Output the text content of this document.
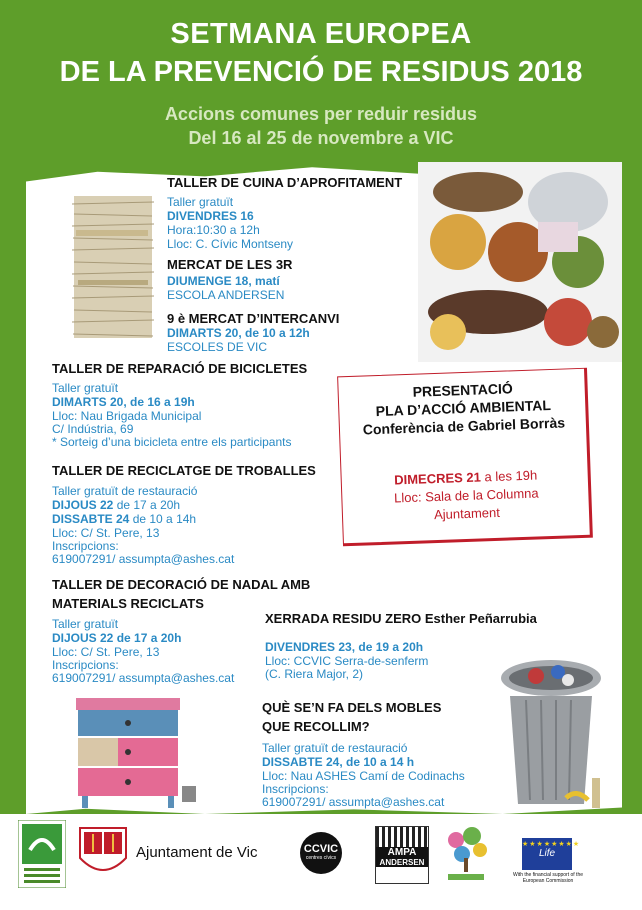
SETMANA EUROPEA
DE LA PREVENCIÓ DE RESIDUS 2018
Accions comunes per reduir residus
Del 16 al 25 de novembre a VIC
TALLER DE CUINA D’APROFITAMENT
Taller gratuït
DIVENDRES 16
Hora:10:30 a 12h
Lloc: C. Cívic Montseny
MERCAT DE LES 3R
DIUMENGE 18, matí
ESCOLA ANDERSEN
9 è MERCAT D’INTERCANVI
DIMARTS 20, de 10 a 12h
ESCOLES DE VIC
TALLER DE REPARACIÓ DE BICICLETES
Taller gratuït
DIMARTS 20, de 16 a 19h
Lloc: Nau Brigada Municipal
C/ Indústria, 69
* Sorteig d’una bicicleta entre els participants
TALLER DE RECICLATGE DE TROBALLES
Taller gratuït de restauració
DIJOUS 22 de 17 a 20h
DISSABTE 24 de 10 a 14h
Lloc: C/ St. Pere, 13
Inscripcions:
619007291/ assumpta@ashes.cat
TALLER DE DECORACIÓ DE NADAL AMB
MATERIALS RECICLATS
Taller gratuït
DIJOUS 22 de 17 a 20h
Lloc: C/ St. Pere, 13
Inscripcions:
619007291/ assumpta@ashes.cat
PRESENTACIÓ
PLA D’ACCIÓ AMBIENTAL
Conferència de Gabriel Borràs
DIMECRES 21 a les 19h
Lloc: Sala de la Columna
Ajuntament
XERRADA RESIDU ZERO Esther Peñarrubia
DIVENDRES 23, de 19 a 20h
Lloc: CCVIC Serra-de-senferm
(C. Riera Major, 2)
QUÈ SE’N FA DELS MOBLES
QUE RECOLLIM?
Taller gratuït de restauració
DISSABTE 24, de 10 a 14 h
Lloc: Nau ASHES Camí de Codinachs
Inscripcions:
619007291/ assumpta@ashes.cat
Ajuntament de Vic	CCVIC
centres cívics	AMPA
ANDERSEN
★★★★★★★★
Life
With the financial support of the European Commission
